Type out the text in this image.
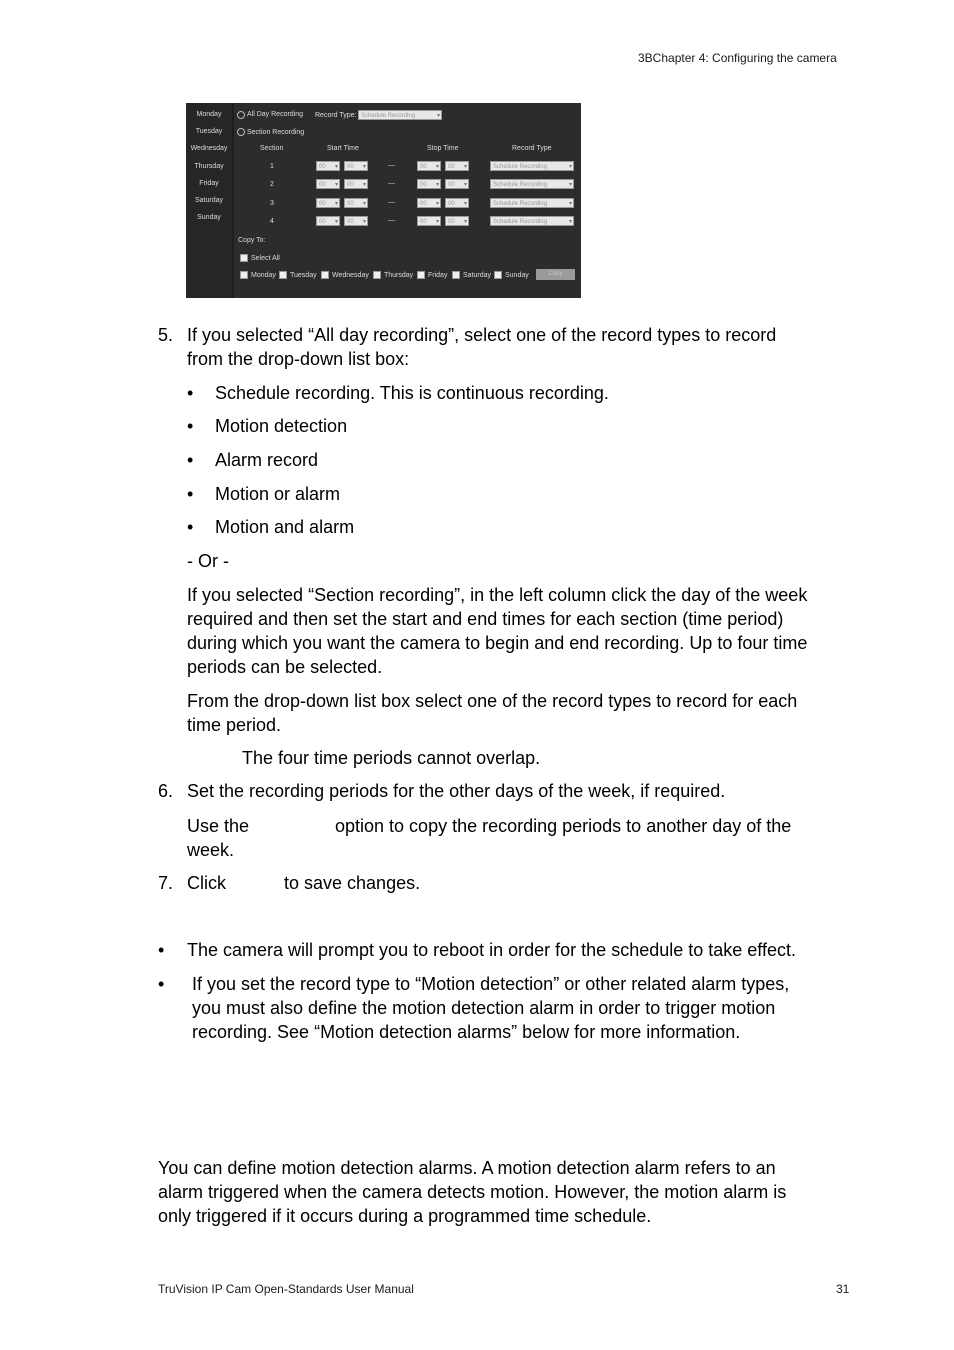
3BChapter 4: Configuring the camera
Monday
Tuesday
Wednesday
Thursday
Friday
Saturday
Sunday
All Day Recording Record Type: Schedule Recording ▾
Section Recording
Section	Start Time	Stop Time	Record Type
1	00 ▾	00 ▾	—	00 ▾	00 ▾	Schedule Recording ▾
2	00 ▾	00 ▾	—	00 ▾	00 ▾	Schedule Recording ▾
3	00 ▾	00 ▾	—	00 ▾	00 ▾	Schedule Recording ▾
4	00 ▾	00 ▾	—	00 ▾	00 ▾	Schedule Recording ▾
Copy To:
Select All
Monday Tuesday Wednesday Thursday Friday Saturday Sunday	Copy
5. If you selected “All day recording”, select one of the record types to record
from the drop-down list box:
• Schedule recording. This is continuous recording.
• Motion detection
• Alarm record
• Motion or alarm
• Motion and alarm
- Or -
If you selected “Section recording”, in the left column click the day of the week
required and then set the start and end times for each section (time period)
during which you want the camera to begin and end recording. Up to four time
periods can be selected.
From the drop-down list box select one of the record types to record for each
time period.
The four time periods cannot overlap.
6. Set the recording periods for the other days of the week, if required.
Use the	option to copy the recording periods to another day of the
week.
7. Click	to save changes.
• The camera will prompt you to reboot in order for the schedule to take effect.
• If you set the record type to “Motion detection” or other related alarm types,
you must also define the motion detection alarm in order to trigger motion
recording. See “Motion detection alarms” below for more information.
You can define motion detection alarms. A motion detection alarm refers to an
alarm triggered when the camera detects motion. However, the motion alarm is
only triggered if it occurs during a programmed time schedule.
TruVision IP Cam Open-Standards User Manual	31
